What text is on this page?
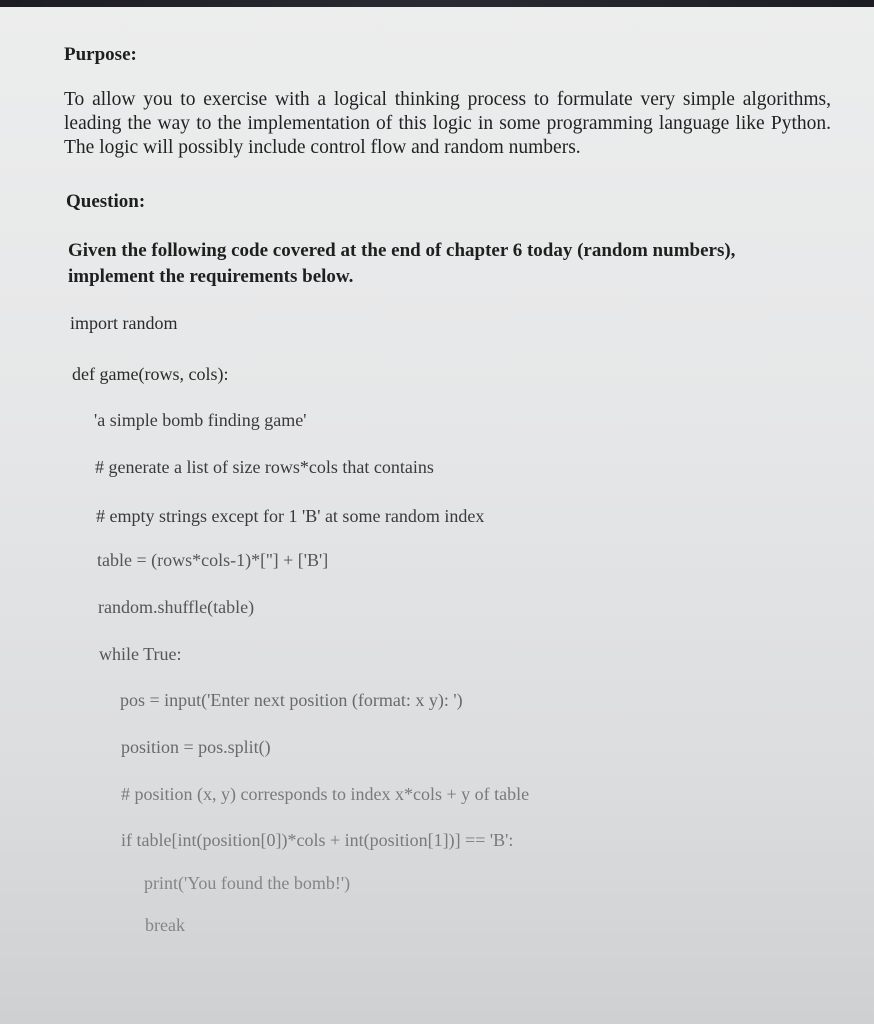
Purpose:
To allow you to exercise with a logical thinking process to formulate very simple algorithms, leading the way to the implementation of this logic in some programming language like Python. The logic will possibly include control flow and random numbers.
Question:
Given the following code covered at the end of chapter 6 today (random numbers), implement the requirements below.
import random
def game(rows, cols):
'a simple bomb finding game'
# generate a list of size rows*cols that contains
# empty strings except for 1 'B' at some random index
table = (rows*cols-1)*[''] + ['B']
random.shuffle(table)
while True:
pos = input('Enter next position (format: x y): ')
position = pos.split()
# position (x, y) corresponds to index x*cols + y of table
if table[int(position[0])*cols + int(position[1])] == 'B':
print('You found the bomb!')
break
